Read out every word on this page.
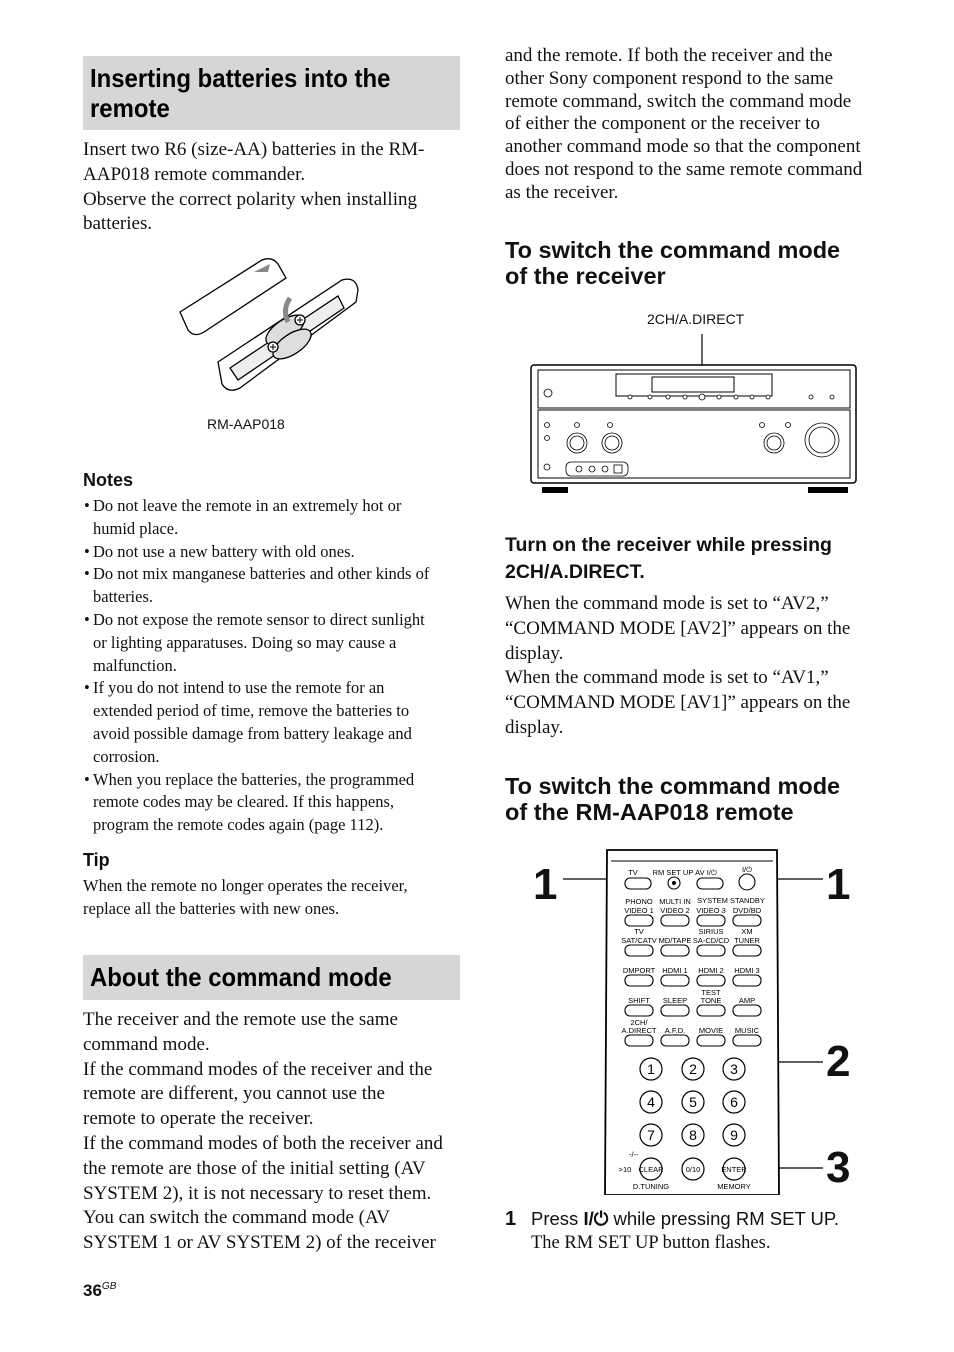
Inserting batteries into the
remote
Insert two R6 (size-AA) batteries in the RM-
AAP018 remote commander.
Observe the correct polarity when installing
batteries.
RM-AAP018
Notes
• Do not leave the remote in an extremely hot or
humid place.
• Do not use a new battery with old ones.
• Do not mix manganese batteries and other kinds of
batteries.
• Do not expose the remote sensor to direct sunlight
or lighting apparatuses. Doing so may cause a
malfunction.
• If you do not intend to use the remote for an
extended period of time, remove the batteries to
avoid possible damage from battery leakage and
corrosion.
• When you replace the batteries, the programmed
remote codes may be cleared. If this happens,
program the remote codes again (page 112).
Tip
When the remote no longer operates the receiver,
replace all the batteries with new ones.
About the command mode
The receiver and the remote use the same
command mode.
If the command modes of the receiver and the
remote are different, you cannot use the
remote to operate the receiver.
If the command modes of both the receiver and
the remote are those of the initial setting (AV
SYSTEM 2), it is not necessary to reset them.
You can switch the command mode (AV
SYSTEM 1 or AV SYSTEM 2) of the receiver
$36^{GB}$
and the remote. If both the receiver and the
other Sony component respond to the same
remote command, switch the command mode
of either the component or the receiver to
another command mode so that the component
does not respond to the same remote command
as the receiver.
To switch the command mode
of the receiver
2CH/A.DIRECT
Turn on the receiver while pressing
2CH/A.DIRECT.
When the command mode is set to “AV2,”
“COMMAND MODE [AV2]” appears on the
display.
When the command mode is set to “AV1,”
“COMMAND MODE [AV1]” appears on the
display.
To switch the command mode
of the RM-AAP018 remote
TV RM SET UP AV I/⏻	I/⏻
PHONO MULTI IN SYSTEM STANDBY
VIDEO 1 VIDEO 2 VIDEO 3 DVD/BD
TV	SIRIUS XM
SAT/CATV MD/TAPE SA-CD/CD TUNER
DMPORT HDMI 1 HDMI 2 HDMI 3
TEST
SHIFT SLEEP TONE AMP
2CH/
A.DIRECT A.F.D. MOVIE MUSIC
1 2 3
4 5 6
7 8 9
-/--
>10 CLEAR	0/10	ENTER
D.TUNING	MEMORY
1	1
2
3
1 Press I/⏻ while pressing RM SET UP.
The RM SET UP button flashes.
